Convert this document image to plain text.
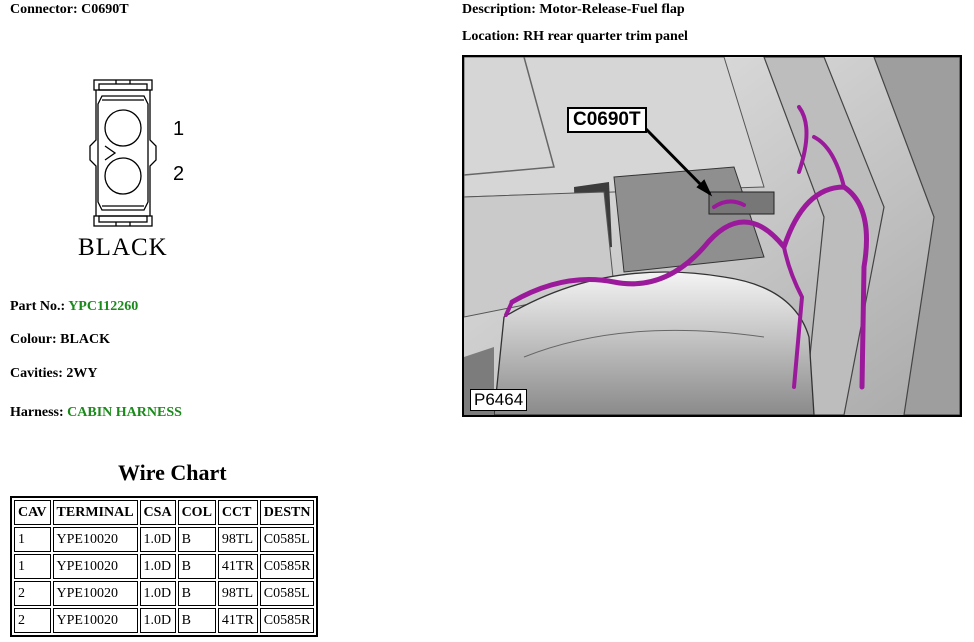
Connector: C0690T	Description: Motor-Release-Fuel flap
Location: RH rear quarter trim panel
1
2
BLACK
C0690T
P6464
Part No.: YPC112260
Colour: BLACK
Cavities: 2WY
Harness: CABIN HARNESS
Wire Chart
CAV	TERMINAL	CSA	COL	CCT	DESTN
1	YPE10020	1.0D	B	98TL	C0585L
1	YPE10020	1.0D	B	41TR	C0585R
2	YPE10020	1.0D	B	98TL	C0585L
2	YPE10020	1.0D	B	41TR	C0585R
